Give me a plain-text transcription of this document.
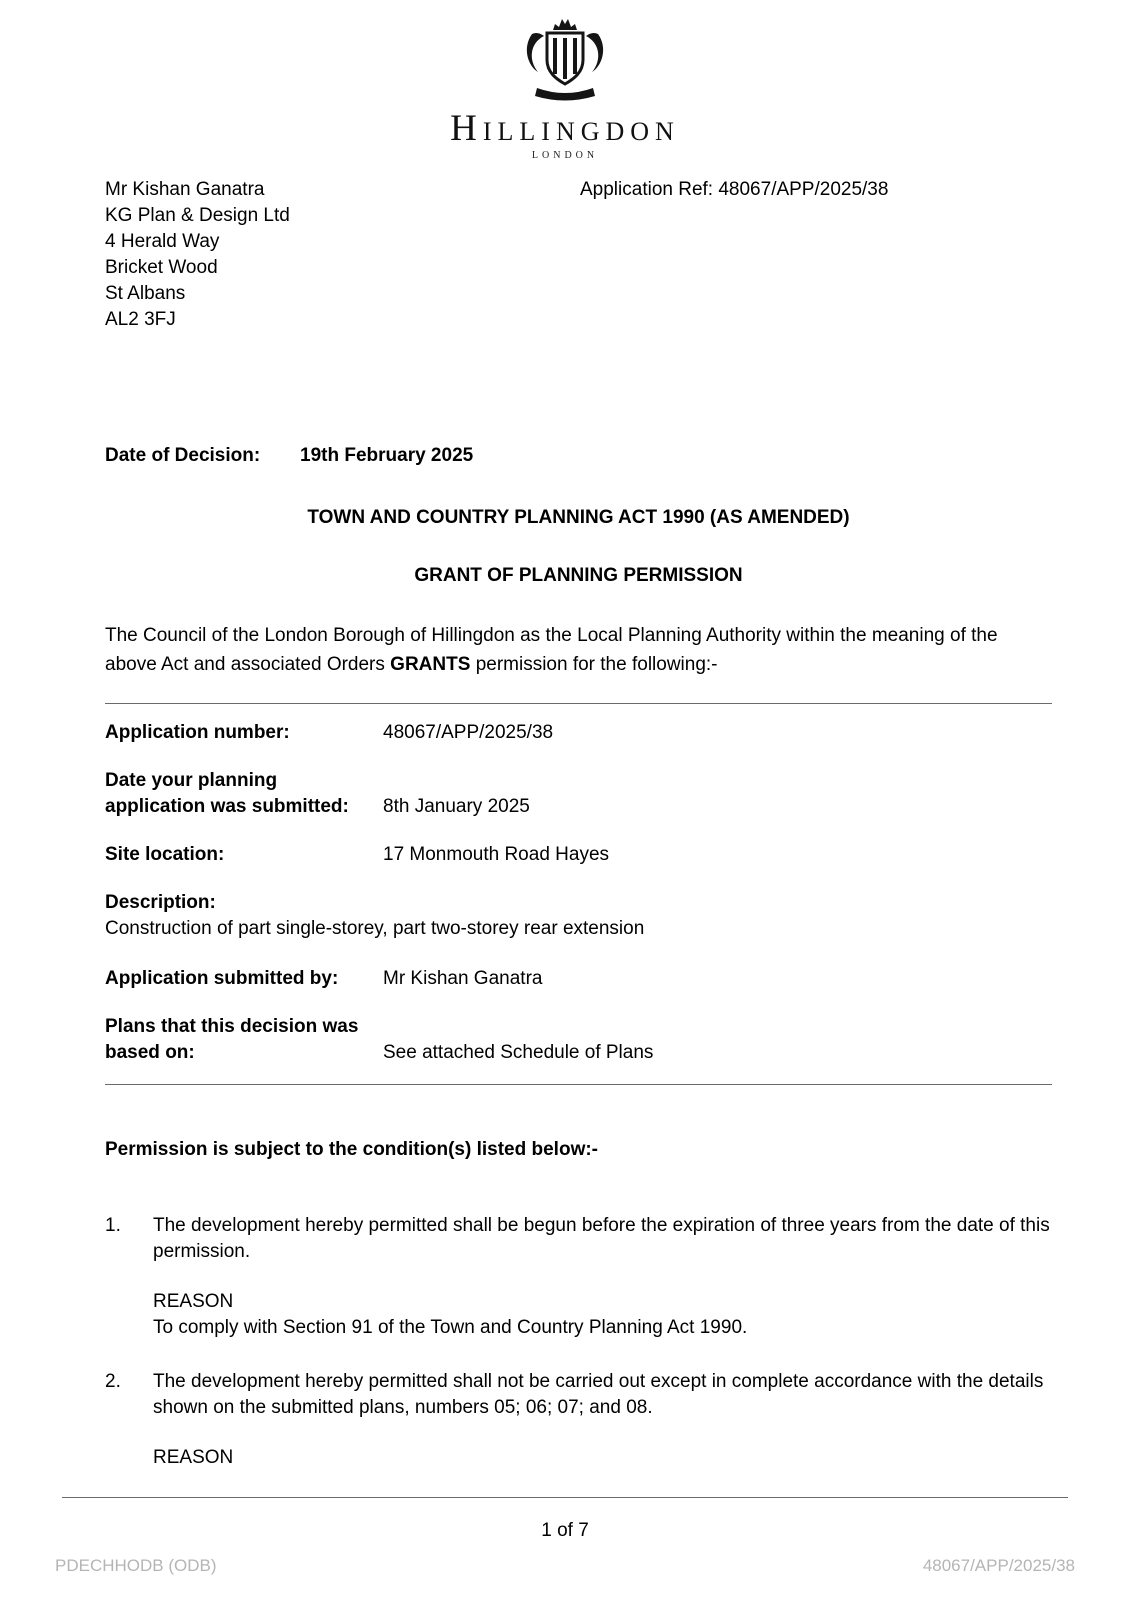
Hillingdon
LONDON
Mr Kishan Ganatra
KG Plan & Design Ltd
4 Herald Way
Bricket Wood
St Albans
AL2 3FJ
Application Ref: 48067/APP/2025/38
Date of Decision: 19th February 2025
TOWN AND COUNTRY PLANNING ACT 1990 (AS AMENDED)
GRANT OF PLANNING PERMISSION

The Council of the London Borough of Hillingdon as the Local Planning Authority within the meaning of the above Act and associated Orders GRANTS permission for the following:-

Application number:	48067/APP/2025/38
Date your planning
application was submitted:	8th January 2025
Site location:	17 Monmouth Road Hayes
Description:
Construction of part single-storey, part two-storey rear extension
Application submitted by:	Mr Kishan Ganatra
Plans that this decision was
based on:	See attached Schedule of Plans
Permission is subject to the condition(s) listed below:-
1.	The development hereby permitted shall be begun before the expiration of three years from the date of this permission.
REASON
To comply with Section 91 of the Town and Country Planning Act 1990.
2.	The development hereby permitted shall not be carried out except in complete accordance with the details shown on the submitted plans, numbers 05; 06; 07; and 08.
REASON
1 of 7
PDECHHODB (ODB)	48067/APP/2025/38
